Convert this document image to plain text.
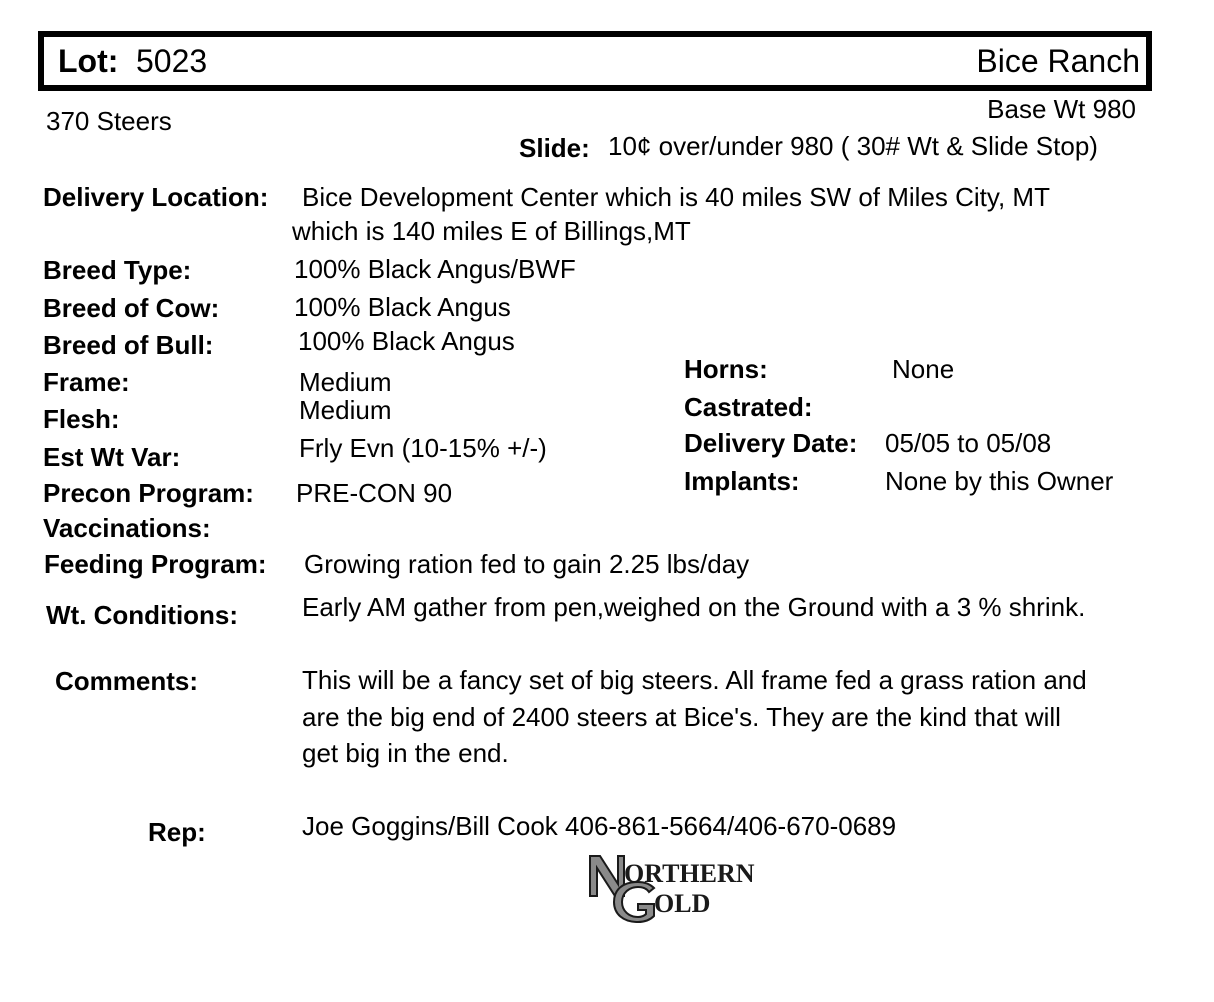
Lot: 5023	Bice Ranch
370 Steers	Base Wt 980
Slide: 10¢ over/under 980 ( 30# Wt & Slide Stop)
Delivery Location: Bice Development Center which is 40 miles SW of Miles City, MT
which is 140 miles E of Billings,MT
Breed Type:	100% Black Angus/BWF
Breed of Cow:	100% Black Angus
Breed of Bull:	100% Black Angus
Frame:	Medium
Flesh:	Medium
Est Wt Var:	Frly Evn (10-15% +/-)
Precon Program: PRE-CON 90
Vaccinations:
Horns:	None
Castrated:
Delivery Date: 05/05 to 05/08
Implants:	None by this Owner
Feeding Program: Growing ration fed to gain 2.25 lbs/day
Wt. Conditions: Early AM gather from pen,weighed on the Ground with a 3 % shrink.
Comments:	This will be a fancy set of big steers. All frame fed a grass ration and
are the big end of 2400 steers at Bice's. They are the kind that will
get big in the end.
Rep:	Joe Goggins/Bill Cook 406-861-5664/406-670-0689
ORTHERN
OLD
